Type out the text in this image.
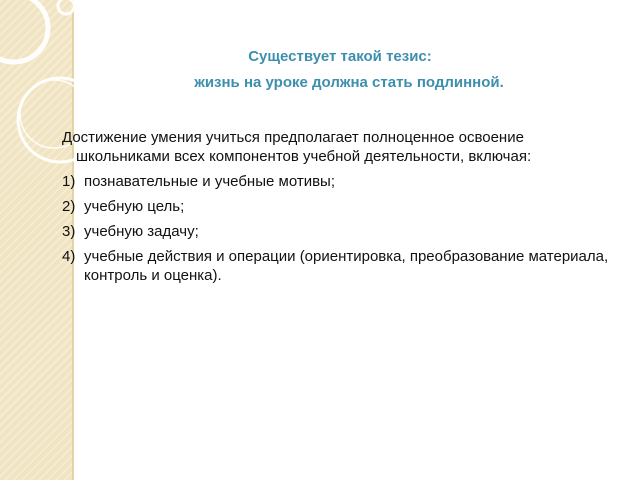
Существует такой тезис:
жизнь на уроке должна стать подлинной.

Достижение умения учиться предполагает полноценное освоение школьниками всех компонентов учебной деятельности, включая:

1) познавательные и учебные мотивы;
2) учебную цель;
3) учебную задачу;
4) учебные действия и операции (ориентировка, преобразование материала, контроль и оценка).
